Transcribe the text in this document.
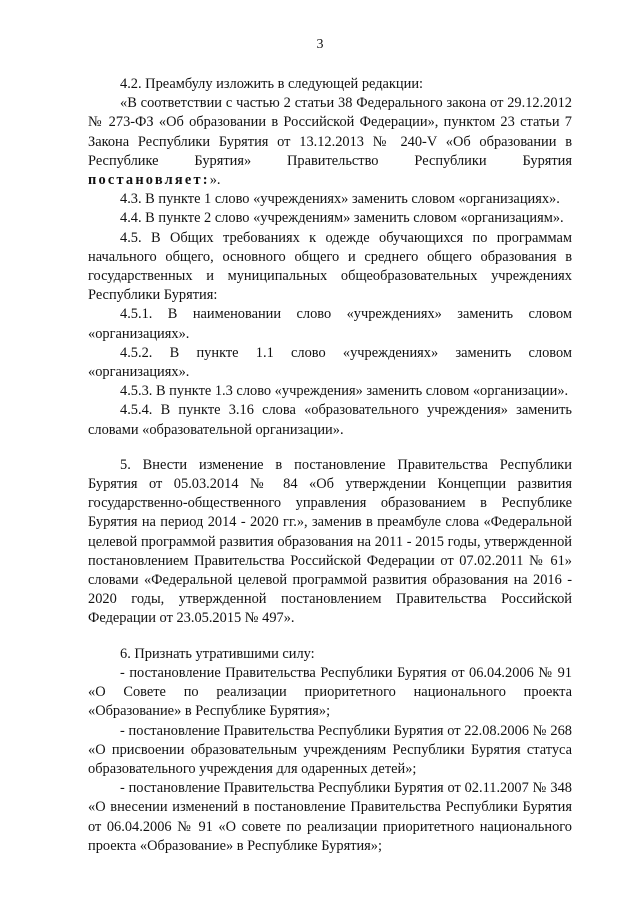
3

4.2. Преамбулу изложить в следующей редакции:

«В соответствии с частью 2 статьи 38 Федерального закона от 29.12.2012 № 273-ФЗ «Об образовании в Российской Федерации», пунктом 23 статьи 7 Закона Республики Бурятия от 13.12.2013 № 240-V «Об образовании в Республике Бурятия» Правительство Республики Бурятия постановляет:».

4.3. В пункте 1 слово «учреждениях» заменить словом «организациях».

4.4. В пункте 2 слово «учреждениям» заменить словом «организациям».

4.5. В Общих требованиях к одежде обучающихся по программам начального общего, основного общего и среднего общего образования в государственных и муниципальных общеобразовательных учреждениях Республики Бурятия:

4.5.1. В наименовании слово «учреждениях» заменить словом «организациях».

4.5.2. В пункте 1.1 слово «учреждениях» заменить словом «организациях».

4.5.3. В пункте 1.3 слово «учреждения» заменить словом «организации».

4.5.4. В пункте 3.16 слова «образовательного учреждения» заменить словами «образовательной организации».

5. Внести изменение в постановление Правительства Республики Бурятия от 05.03.2014 № 84 «Об утверждении Концепции развития государственно-общественного управления образованием в Республике Бурятия на период 2014 - 2020 гг.», заменив в преамбуле слова «Федеральной целевой программой развития образования на 2011 - 2015 годы, утвержденной постановлением Правительства Российской Федерации от 07.02.2011 № 61» словами «Федеральной целевой программой развития образования на 2016 - 2020 годы, утвержденной постановлением Правительства Российской Федерации от 23.05.2015 № 497».

6. Признать утратившими силу:

- постановление Правительства Республики Бурятия от 06.04.2006 № 91 «О Совете по реализации приоритетного национального проекта «Образование» в Республике Бурятия»;

- постановление Правительства Республики Бурятия от 22.08.2006 № 268 «О присвоении образовательным учреждениям Республики Бурятия статуса образовательного учреждения для одаренных детей»;

- постановление Правительства Республики Бурятия от 02.11.2007 № 348 «О внесении изменений в постановление Правительства Республики Бурятия от 06.04.2006 № 91 «О совете по реализации приоритетного национального проекта «Образование» в Республике Бурятия»;
